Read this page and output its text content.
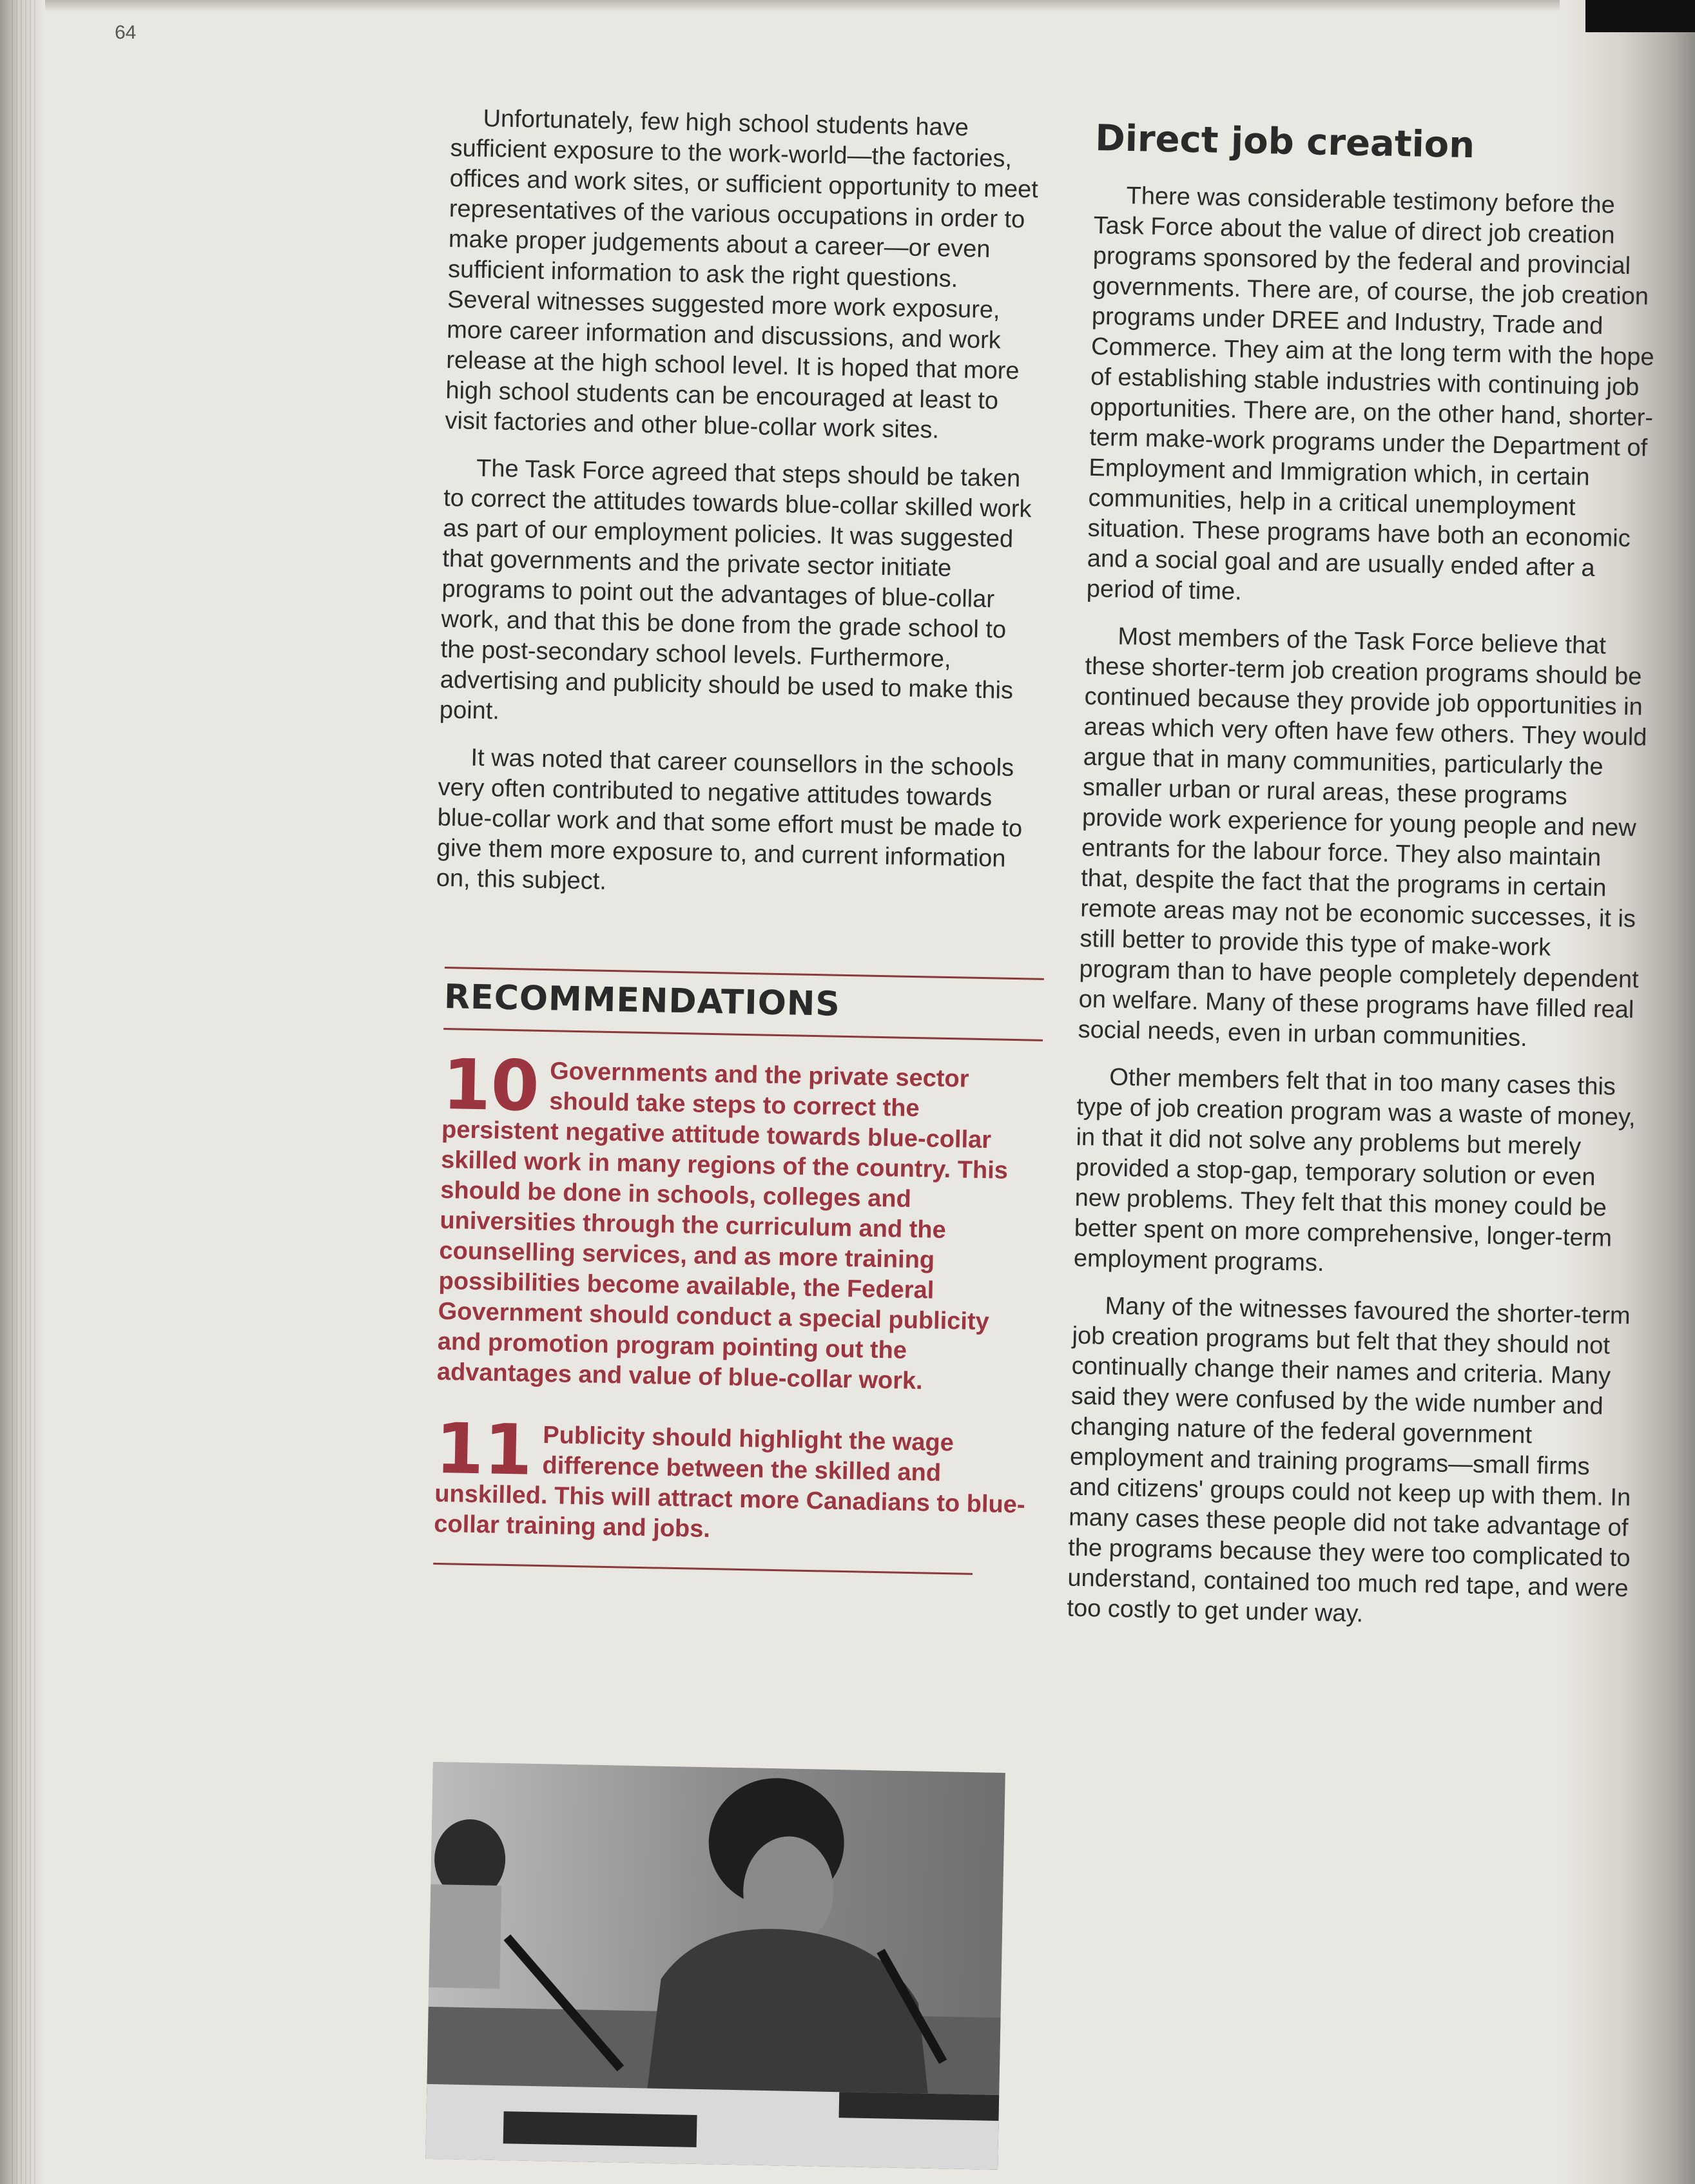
64

Unfortunately, few high school students have sufficient exposure to the work-world—the factories, offices and work sites, or sufficient opportunity to meet representatives of the various occupations in order to make proper judgements about a career—or even sufficient information to ask the right questions. Several witnesses suggested more work exposure, more career information and discussions, and work release at the high school level. It is hoped that more high school students can be encouraged at least to visit factories and other blue-collar work sites.

The Task Force agreed that steps should be taken to correct the attitudes towards blue-collar skilled work as part of our employment policies. It was suggested that governments and the private sector initiate programs to point out the advantages of blue-collar work, and that this be done from the grade school to the post-secondary school levels. Furthermore, advertising and publicity should be used to make this point.

It was noted that career counsellors in the schools very often contributed to negative attitudes towards blue-collar work and that some effort must be made to give them more exposure to, and current information on, this subject.

RECOMMENDATIONS
10 Governments and the private sector should take steps to correct the persistent negative attitude towards blue-collar skilled work in many regions of the country. This should be done in schools, colleges and universities through the curriculum and the counselling services, and as more training possibilities become available, the Federal Government should conduct a special publicity and promotion program pointing out the advantages and value of blue-collar work.
11 Publicity should highlight the wage difference between the skilled and unskilled. This will attract more Canadians to blue-collar training and jobs.
Direct job creation

There was considerable testimony before the Task Force about the value of direct job creation programs sponsored by the federal and provincial governments. There are, of course, the job creation programs under DREE and Industry, Trade and Commerce. They aim at the long term with the hope of establishing stable industries with continuing job opportunities. There are, on the other hand, shorter-term make-work programs under the Department of Employment and Immigration which, in certain communities, help in a critical unemployment situation. These programs have both an economic and a social goal and are usually ended after a period of time.

Most members of the Task Force believe that these shorter-term job creation programs should be continued because they provide job opportunities in areas which very often have few others. They would argue that in many communities, particularly the smaller urban or rural areas, these programs provide work experience for young people and new entrants for the labour force. They also maintain that, despite the fact that the programs in certain remote areas may not be economic successes, it is still better to provide this type of make-work program than to have people completely dependent on welfare. Many of these programs have filled real social needs, even in urban communities.

Other members felt that in too many cases this type of job creation program was a waste of money, in that it did not solve any problems but merely provided a stop-gap, temporary solution or even new problems. They felt that this money could be better spent on more comprehensive, longer-term employment programs.

Many of the witnesses favoured the shorter-term job creation programs but felt that they should not continually change their names and criteria. Many said they were confused by the wide number and changing nature of the federal government employment and training programs—small firms and citizens' groups could not keep up with them. In many cases these people did not take advantage of the programs because they were too complicated to understand, contained too much red tape, and were too costly to get under way.
